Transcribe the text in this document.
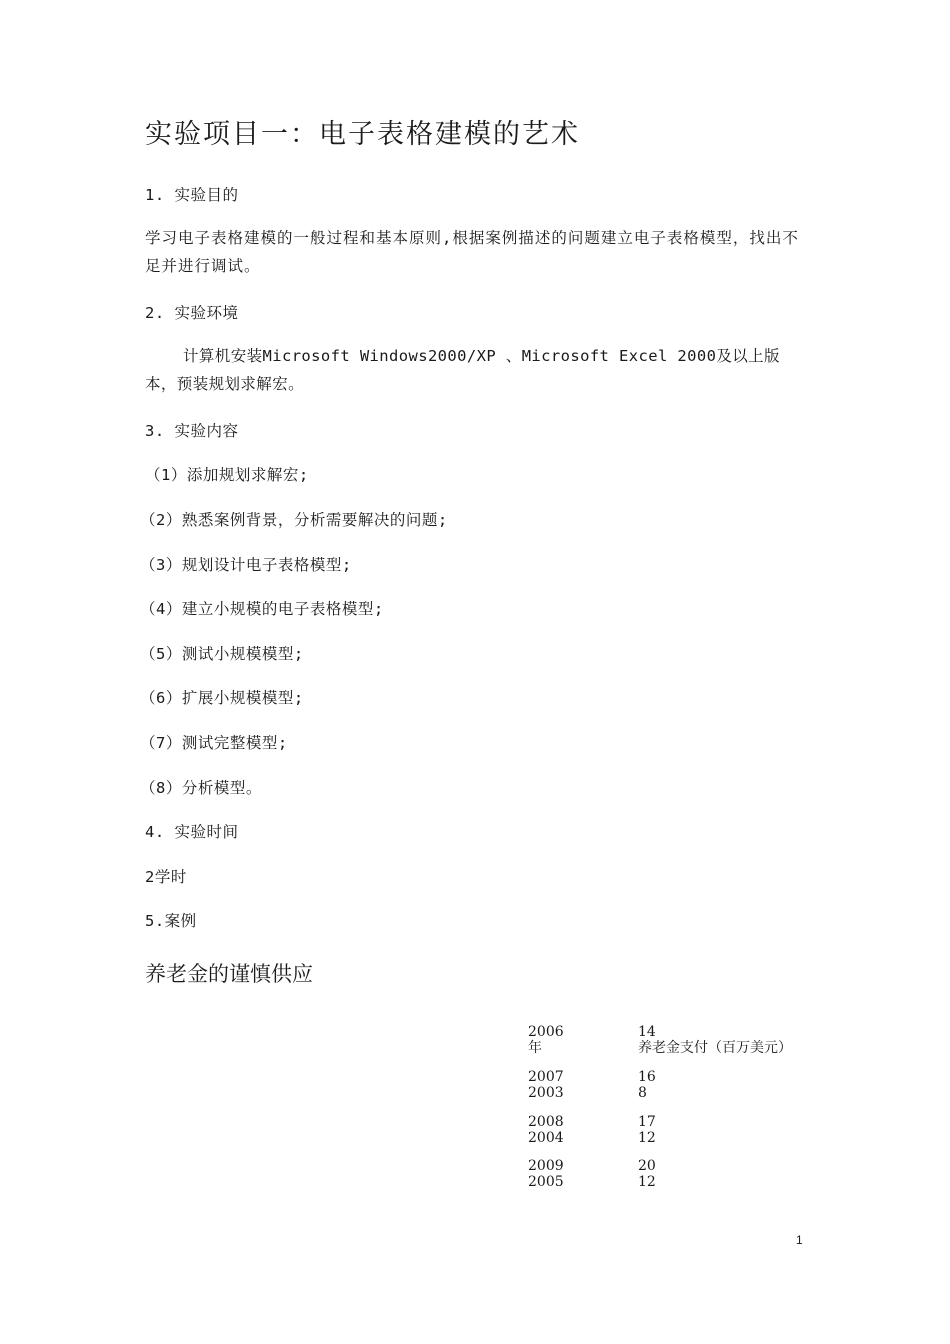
实验项目一：电子表格建模的艺术
1. 实验目的
学习电子表格建模的一般过程和基本原则,根据案例描述的问题建立电子表格模型，找出不足并进行调试。
2. 实验环境
计算机安装Microsoft Windows2000/XP 、Microsoft Excel 2000及以上版本，预装规划求解宏。
3. 实验内容
（1）添加规划求解宏;
（2）熟悉案例背景，分析需要解决的问题;
（3）规划设计电子表格模型;
（4）建立小规模的电子表格模型;
（5）测试小规模模型;
（6）扩展小规模模型;
（7）测试完整模型;
（8）分析模型。
4. 实验时间
2学时
5.案例
养老金的谨慎供应
2006
年
14
养老金支付（百万美元）
2007
2003
16
8
2008
2004
17
12
2009
2005
20
12
1
